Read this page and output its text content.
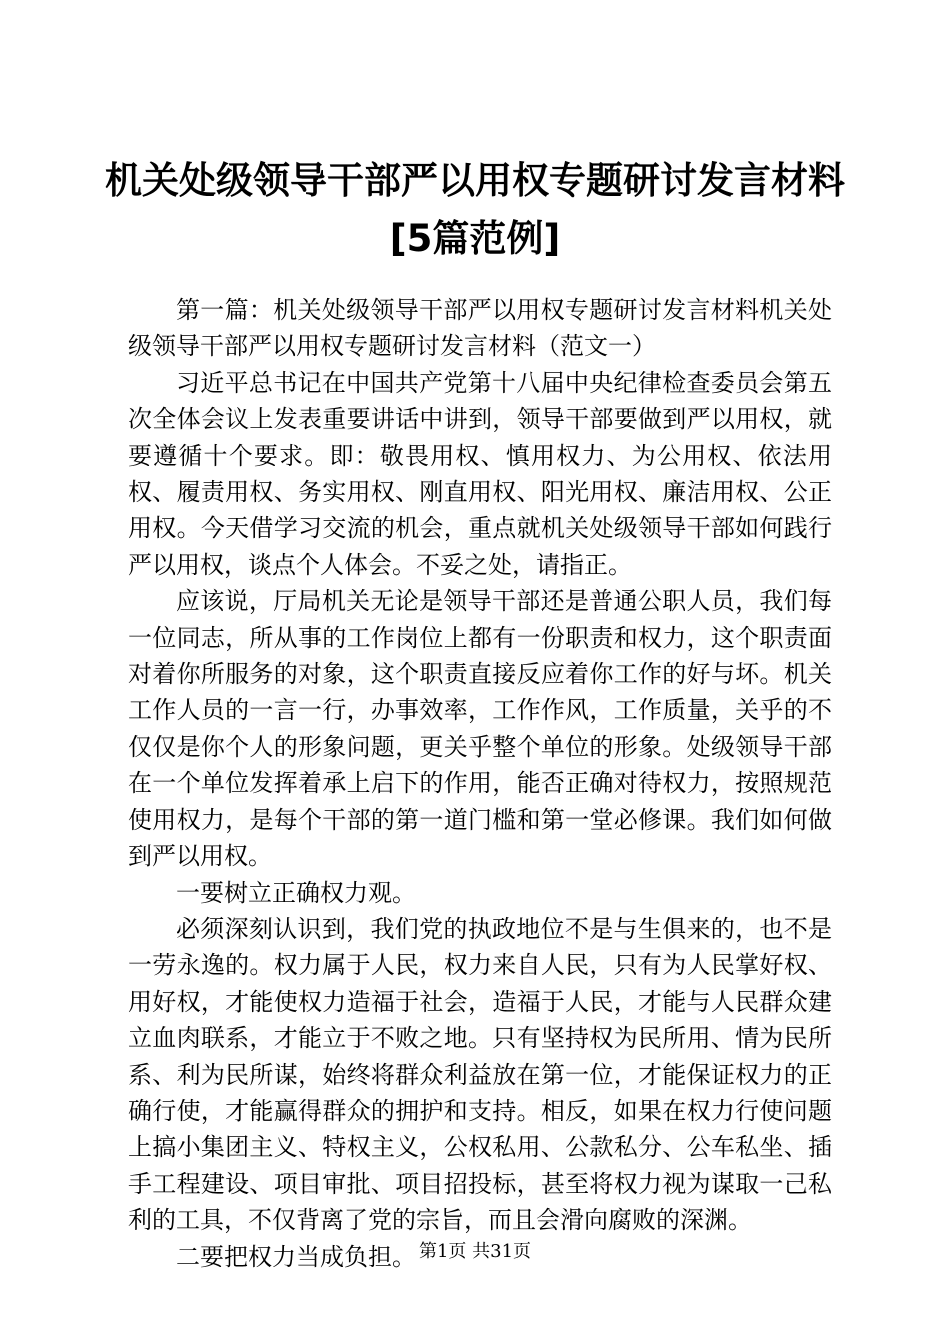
机关处级领导干部严以用权专题研讨发言材料
[5篇范例]

第一篇：机关处级领导干部严以用权专题研讨发言材料机关处级领导干部严以用权专题研讨发言材料（范文一）

习近平总书记在中国共产党第十八届中央纪律检查委员会第五次全体会议上发表重要讲话中讲到，领导干部要做到严以用权，就要遵循十个要求。即：敬畏用权、慎用权力、为公用权、依法用权、履责用权、务实用权、刚直用权、阳光用权、廉洁用权、公正用权。今天借学习交流的机会，重点就机关处级领导干部如何践行严以用权，谈点个人体会。不妥之处，请指正。

应该说，厅局机关无论是领导干部还是普通公职人员，我们每一位同志，所从事的工作岗位上都有一份职责和权力，这个职责面对着你所服务的对象，这个职责直接反应着你工作的好与坏。机关工作人员的一言一行，办事效率，工作作风，工作质量，关乎的不仅仅是你个人的形象问题，更关乎整个单位的形象。处级领导干部在一个单位发挥着承上启下的作用，能否正确对待权力，按照规范使用权力，是每个干部的第一道门槛和第一堂必修课。我们如何做到严以用权。

一要树立正确权力观。

必须深刻认识到，我们党的执政地位不是与生俱来的，也不是一劳永逸的。权力属于人民，权力来自人民，只有为人民掌好权、用好权，才能使权力造福于社会，造福于人民，才能与人民群众建立血肉联系，才能立于不败之地。只有坚持权为民所用、情为民所系、利为民所谋，始终将群众利益放在第一位，才能保证权力的正确行使，才能赢得群众的拥护和支持。相反，如果在权力行使问题上搞小集团主义、特权主义，公权私用、公款私分、公车私坐、插手工程建设、项目审批、项目招投标，甚至将权力视为谋取一己私利的工具，不仅背离了党的宗旨，而且会滑向腐败的深渊。

二要把权力当成负担。 第1页 共31页
